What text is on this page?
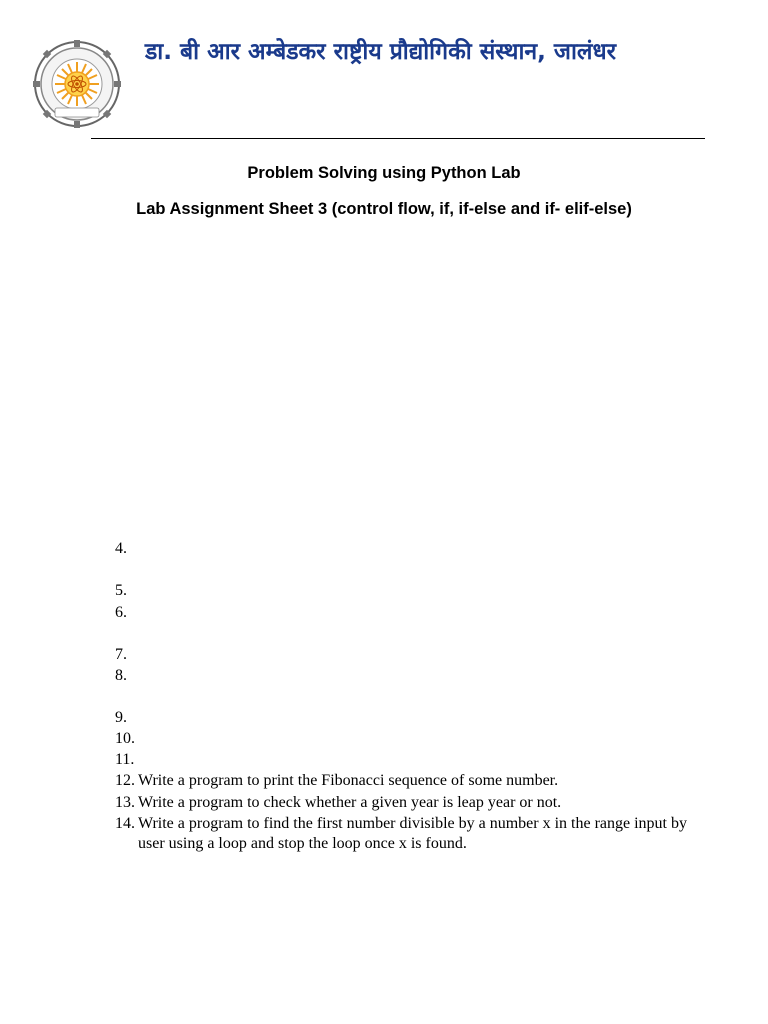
डा. बी आर अम्बेडकर राष्ट्रीय प्रौद्योगिकी संस्थान, जालंधर
Problem Solving using Python Lab
Lab Assignment Sheet 3 (control flow, if, if-else and if- elif-else)
4.
5.
6.
7.
8.
9.
10.
11.
12. Write a program to print the Fibonacci sequence of some number.
13. Write a program to check whether a given year is leap year or not.
14. Write a program to find the first number divisible by a number x in the range input by user using a loop and stop the loop once x is found.
